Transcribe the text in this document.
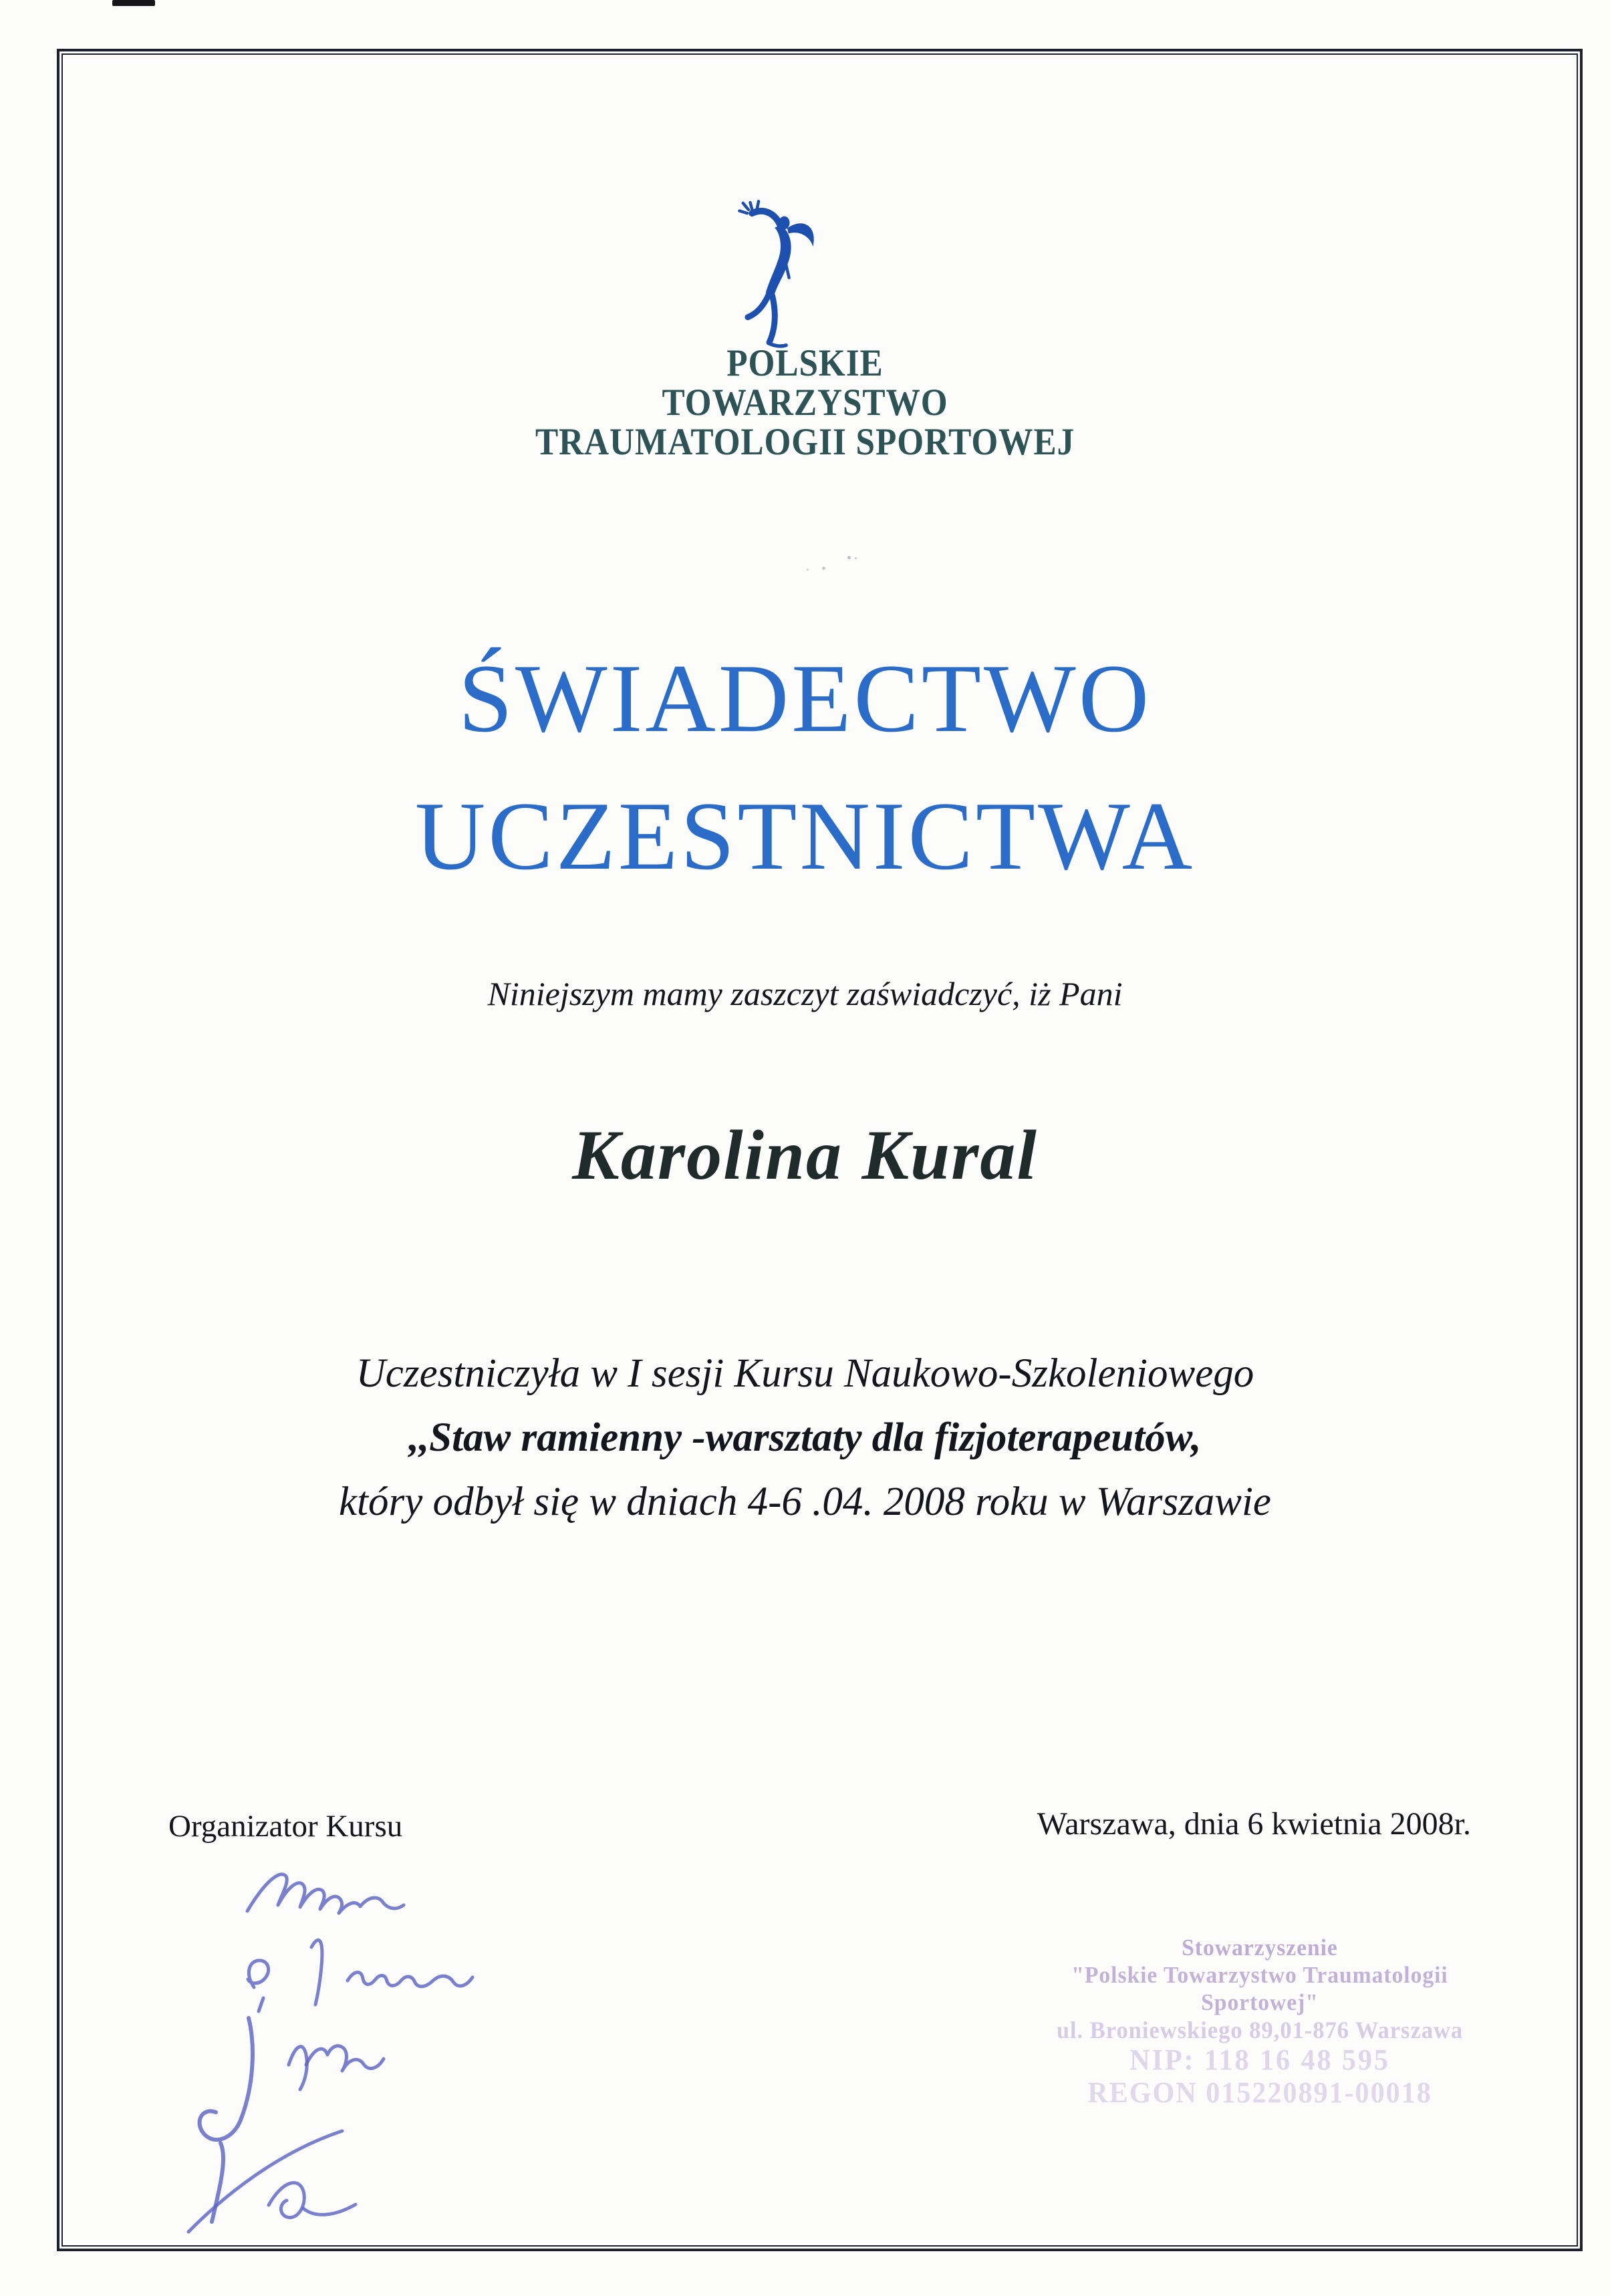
POLSKIE
TOWARZYSTWO
TRAUMATOLOGII SPORTOWEJ
ŚWIADECTWO
UCZESTNICTWA
Niniejszym mamy zaszczyt zaświadczyć, iż Pani
Karolina Kural
Uczestniczyła w I sesji Kursu Naukowo-Szkoleniowego
,,Staw ramienny -warsztaty dla fizjoterapeutów,
który odbył się w dniach 4-6 .04. 2008 roku w Warszawie
Organizator Kursu	Warszawa, dnia 6 kwietnia 2008r.
Stowarzyszenie
"Polskie Towarzystwo Traumatologii Sportowej"
ul. Broniewskiego 89,01-876 Warszawa
NIP: 118 16 48 595
REGON 015220891-00018
